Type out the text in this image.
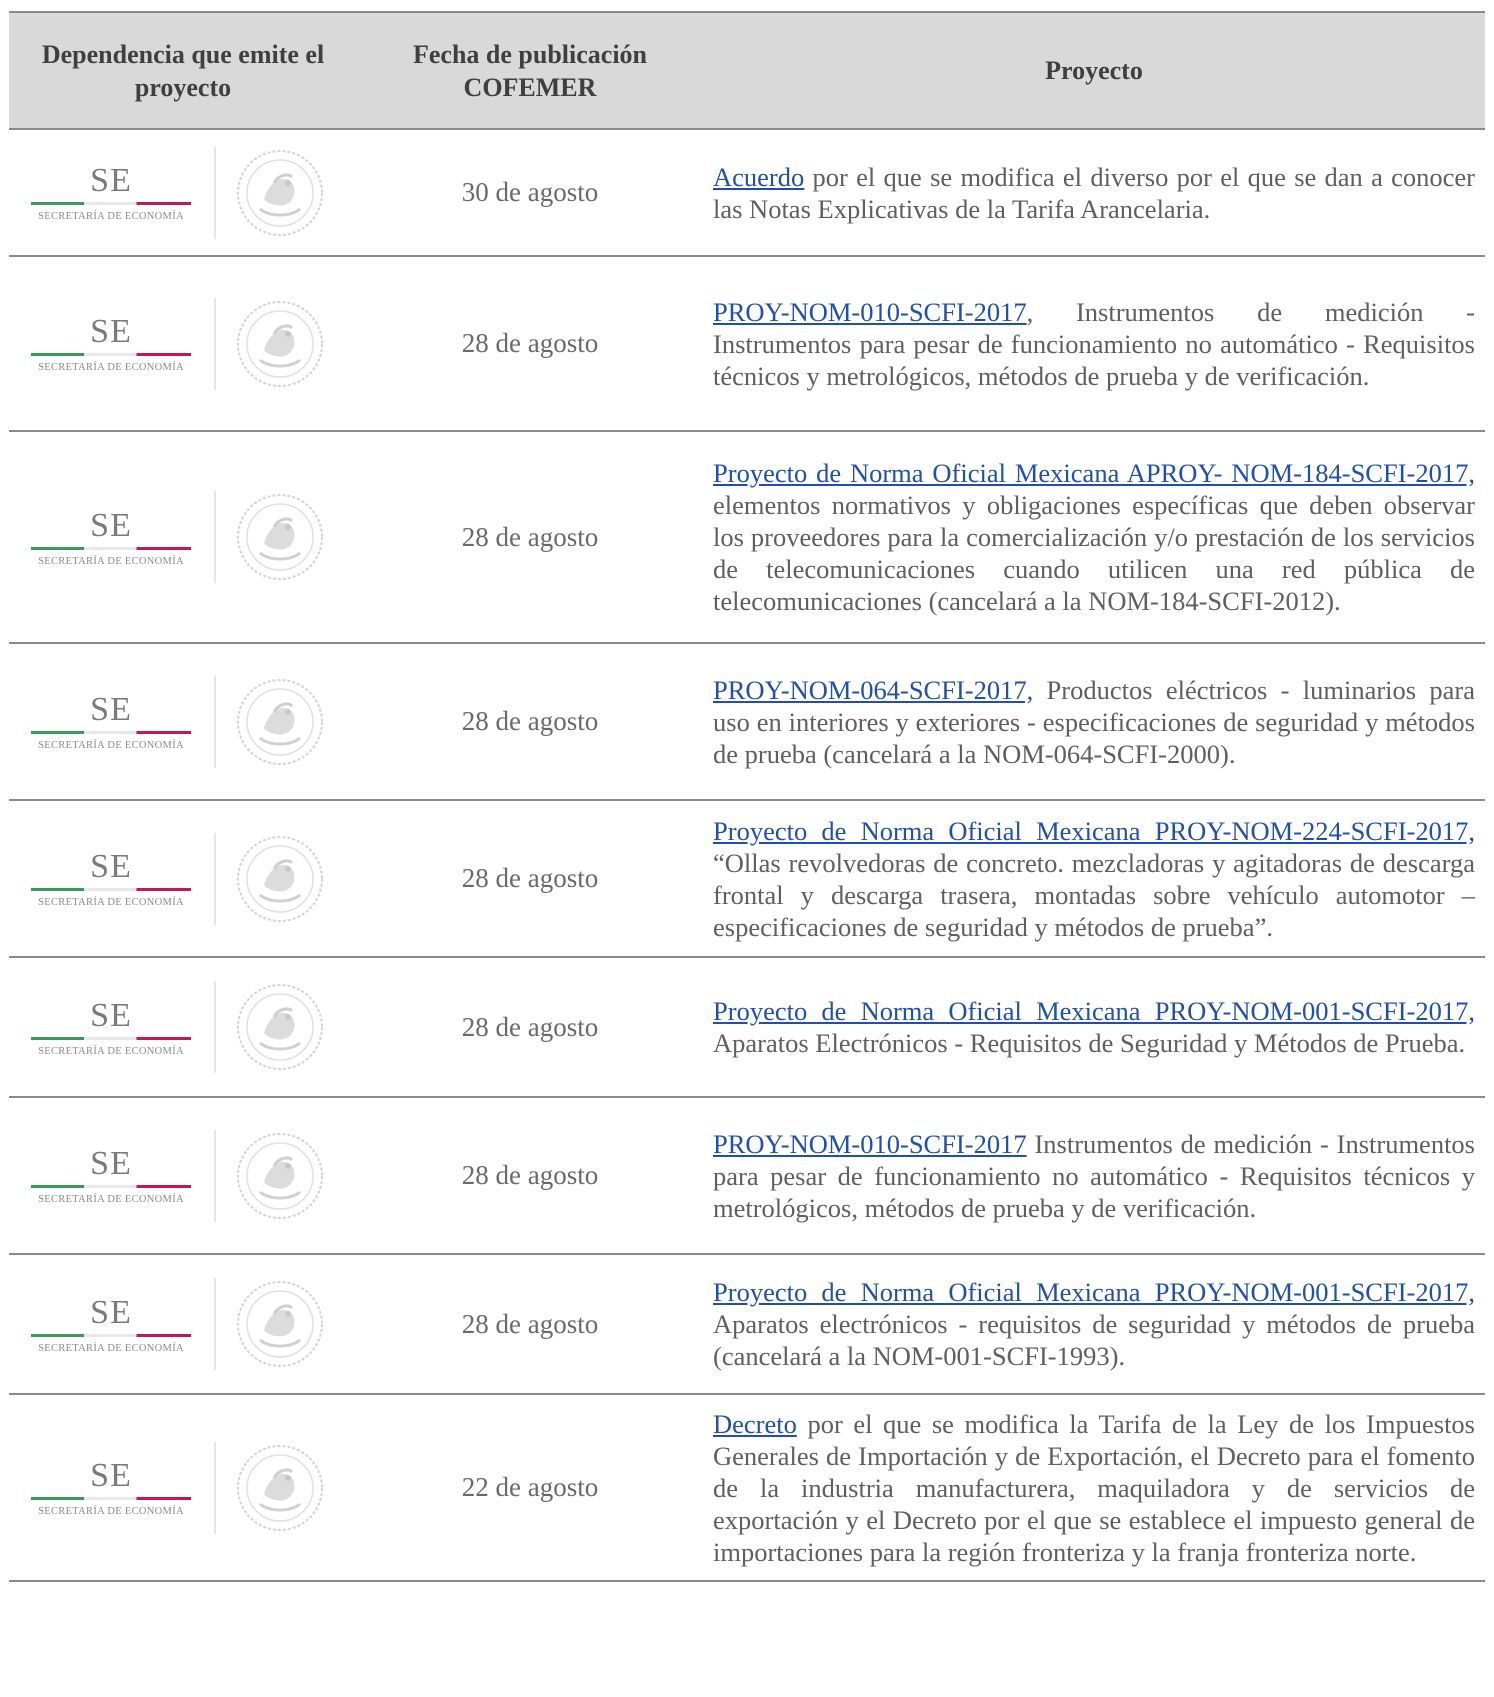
Dependencia que emite el proyecto
Fecha de publicación COFEMER
Proyecto
SE
SECRETARÍA DE ECONOMÍA
30 de agosto
Acuerdo por el que se modifica el diverso por el que se dan a conocer las Notas Explicativas de la Tarifa Arancelaria.
SE
SECRETARÍA DE ECONOMÍA
28 de agosto
PROY-NOM-010-SCFI-2017, Instrumentos de medición - Instrumentos para pesar de funcionamiento no automático - Requisitos técnicos y metrológicos, métodos de prueba y de verificación.
SE
SECRETARÍA DE ECONOMÍA
28 de agosto
Proyecto de Norma Oficial Mexicana APROY- NOM-184-SCFI-2017, elementos normativos y obligaciones específicas que deben observar los proveedores para la comercialización y/o prestación de los servicios de telecomunicaciones cuando utilicen una red pública de telecomunicaciones (cancelará a la NOM-184-SCFI-2012).
SE
SECRETARÍA DE ECONOMÍA
28 de agosto
PROY-NOM-064-SCFI-2017, Productos eléctricos - luminarios para uso en interiores y exteriores - especificaciones de seguridad y métodos de prueba (cancelará a la NOM-064-SCFI-2000).
SE
SECRETARÍA DE ECONOMÍA
28 de agosto
Proyecto de Norma Oficial Mexicana PROY-NOM-224-SCFI-2017, “Ollas revolvedoras de concreto. mezcladoras y agitadoras de descarga frontal y descarga trasera, montadas sobre vehículo automotor – especificaciones de seguridad y métodos de prueba”.
SE
SECRETARÍA DE ECONOMÍA
28 de agosto
Proyecto de Norma Oficial Mexicana PROY-NOM-001-SCFI-2017, Aparatos Electrónicos - Requisitos de Seguridad y Métodos de Prueba.
SE
SECRETARÍA DE ECONOMÍA
28 de agosto
PROY-NOM-010-SCFI-2017 Instrumentos de medición - Instrumentos para pesar de funcionamiento no automático - Requisitos técnicos y metrológicos, métodos de prueba y de verificación.
SE
SECRETARÍA DE ECONOMÍA
28 de agosto
Proyecto de Norma Oficial Mexicana PROY-NOM-001-SCFI-2017, Aparatos electrónicos - requisitos de seguridad y métodos de prueba (cancelará a la NOM-001-SCFI-1993).
SE
SECRETARÍA DE ECONOMÍA
22 de agosto
Decreto por el que se modifica la Tarifa de la Ley de los Impuestos Generales de Importación y de Exportación, el Decreto para el fomento de la industria manufacturera, maquiladora y de servicios de exportación y el Decreto por el que se establece el impuesto general de importaciones para la región fronteriza y la franja fronteriza norte.
